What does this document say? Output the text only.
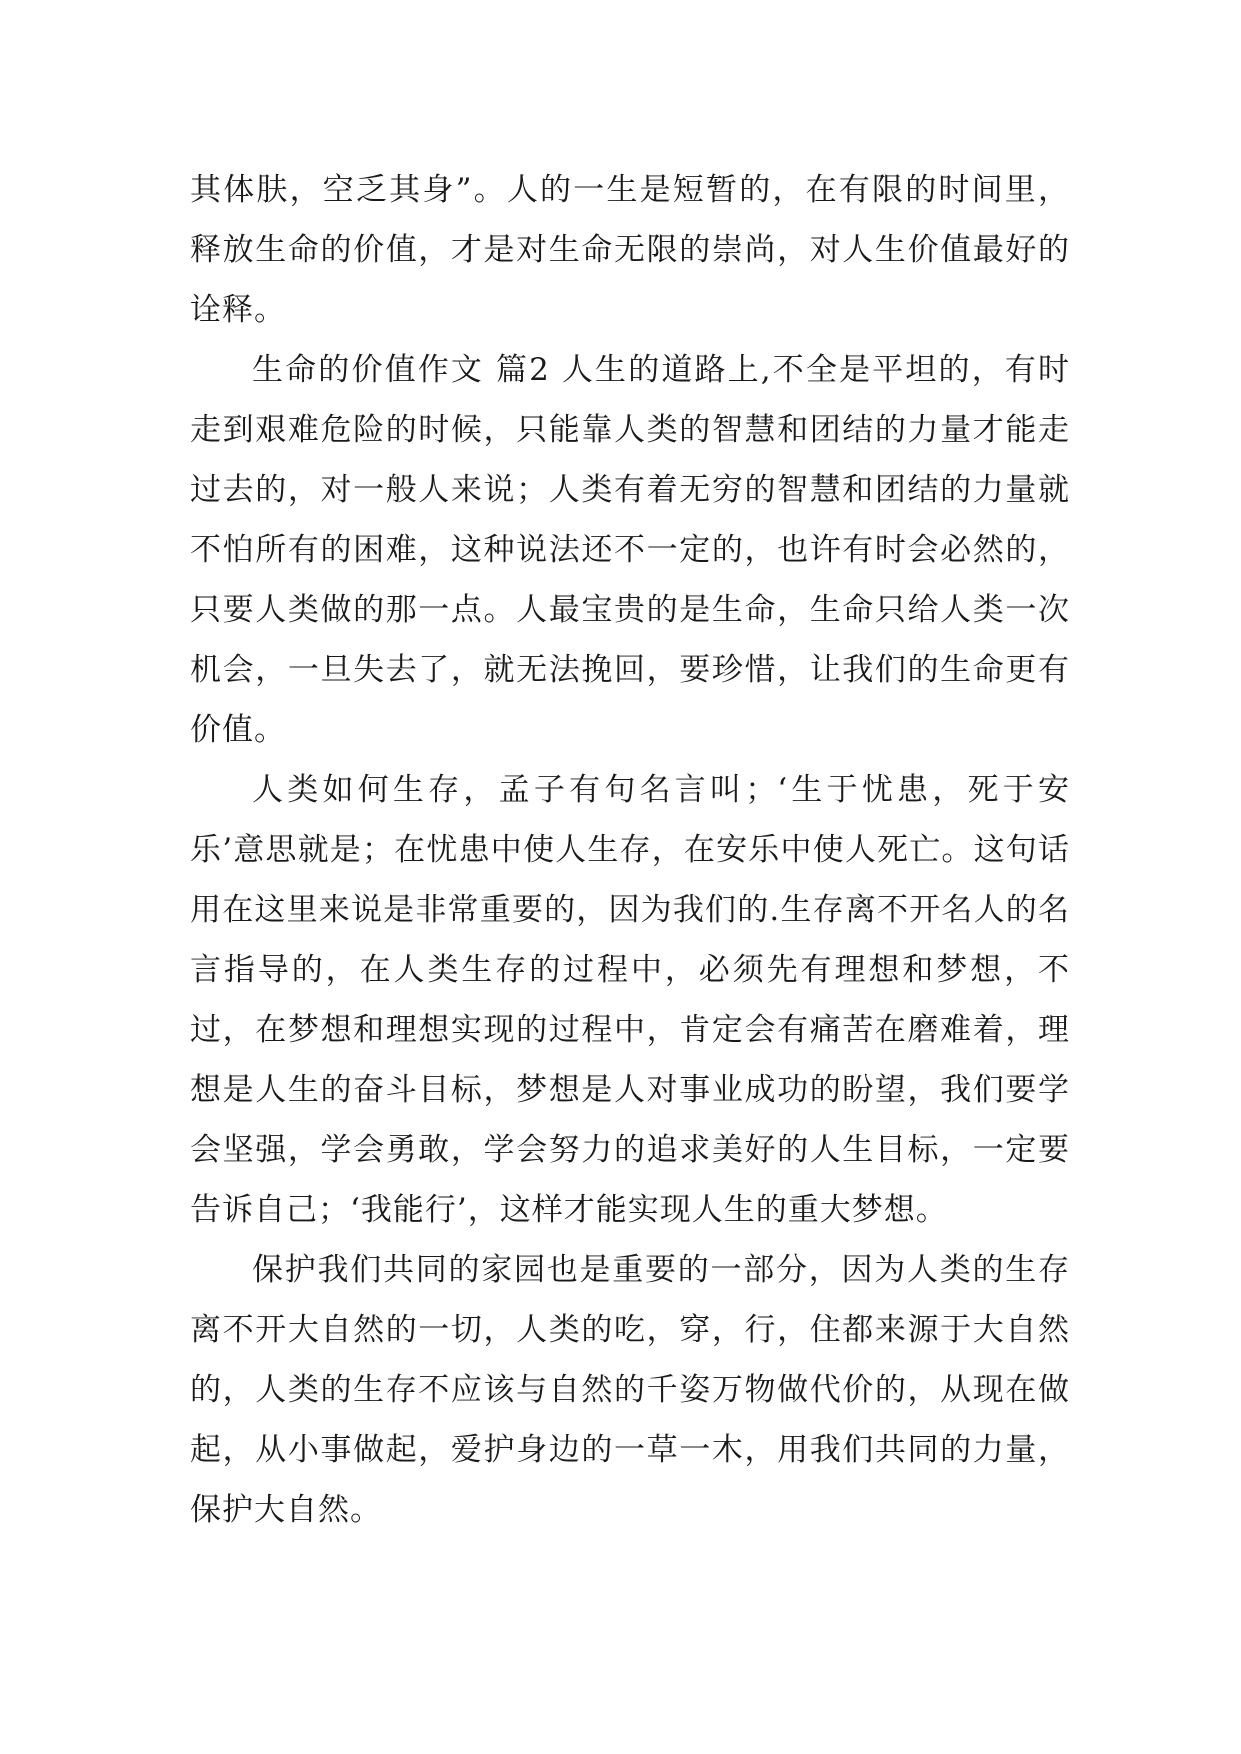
其体肤，空乏其身”。人的一生是短暂的，在有限的时间里，释放生命的价值，才是对生命无限的崇尚，对人生价值最好的诠释。

生命的价值作文 篇2 人生的道路上,不全是平坦的，有时走到艰难危险的时候，只能靠人类的智慧和团结的力量才能走过去的，对一般人来说；人类有着无穷的智慧和团结的力量就不怕所有的困难，这种说法还不一定的，也许有时会必然的，只要人类做的那一点。人最宝贵的是生命，生命只给人类一次机会，一旦失去了，就无法挽回，要珍惜，让我们的生命更有价值。

人类如何生存，孟子有句名言叫；‘生于忧患，死于安乐’意思就是；在忧患中使人生存，在安乐中使人死亡。这句话用在这里来说是非常重要的，因为我们的.生存离不开名人的名言指导的，在人类生存的过程中，必须先有理想和梦想，不过，在梦想和理想实现的过程中，肯定会有痛苦在磨难着，理想是人生的奋斗目标，梦想是人对事业成功的盼望，我们要学会坚强，学会勇敢，学会努力的追求美好的人生目标，一定要告诉自己；‘我能行’，这样才能实现人生的重大梦想。

保护我们共同的家园也是重要的一部分，因为人类的生存离不开大自然的一切，人类的吃，穿，行，住都来源于大自然的，人类的生存不应该与自然的千姿万物做代价的，从现在做起，从小事做起，爱护身边的一草一木，用我们共同的力量，保护大自然。
